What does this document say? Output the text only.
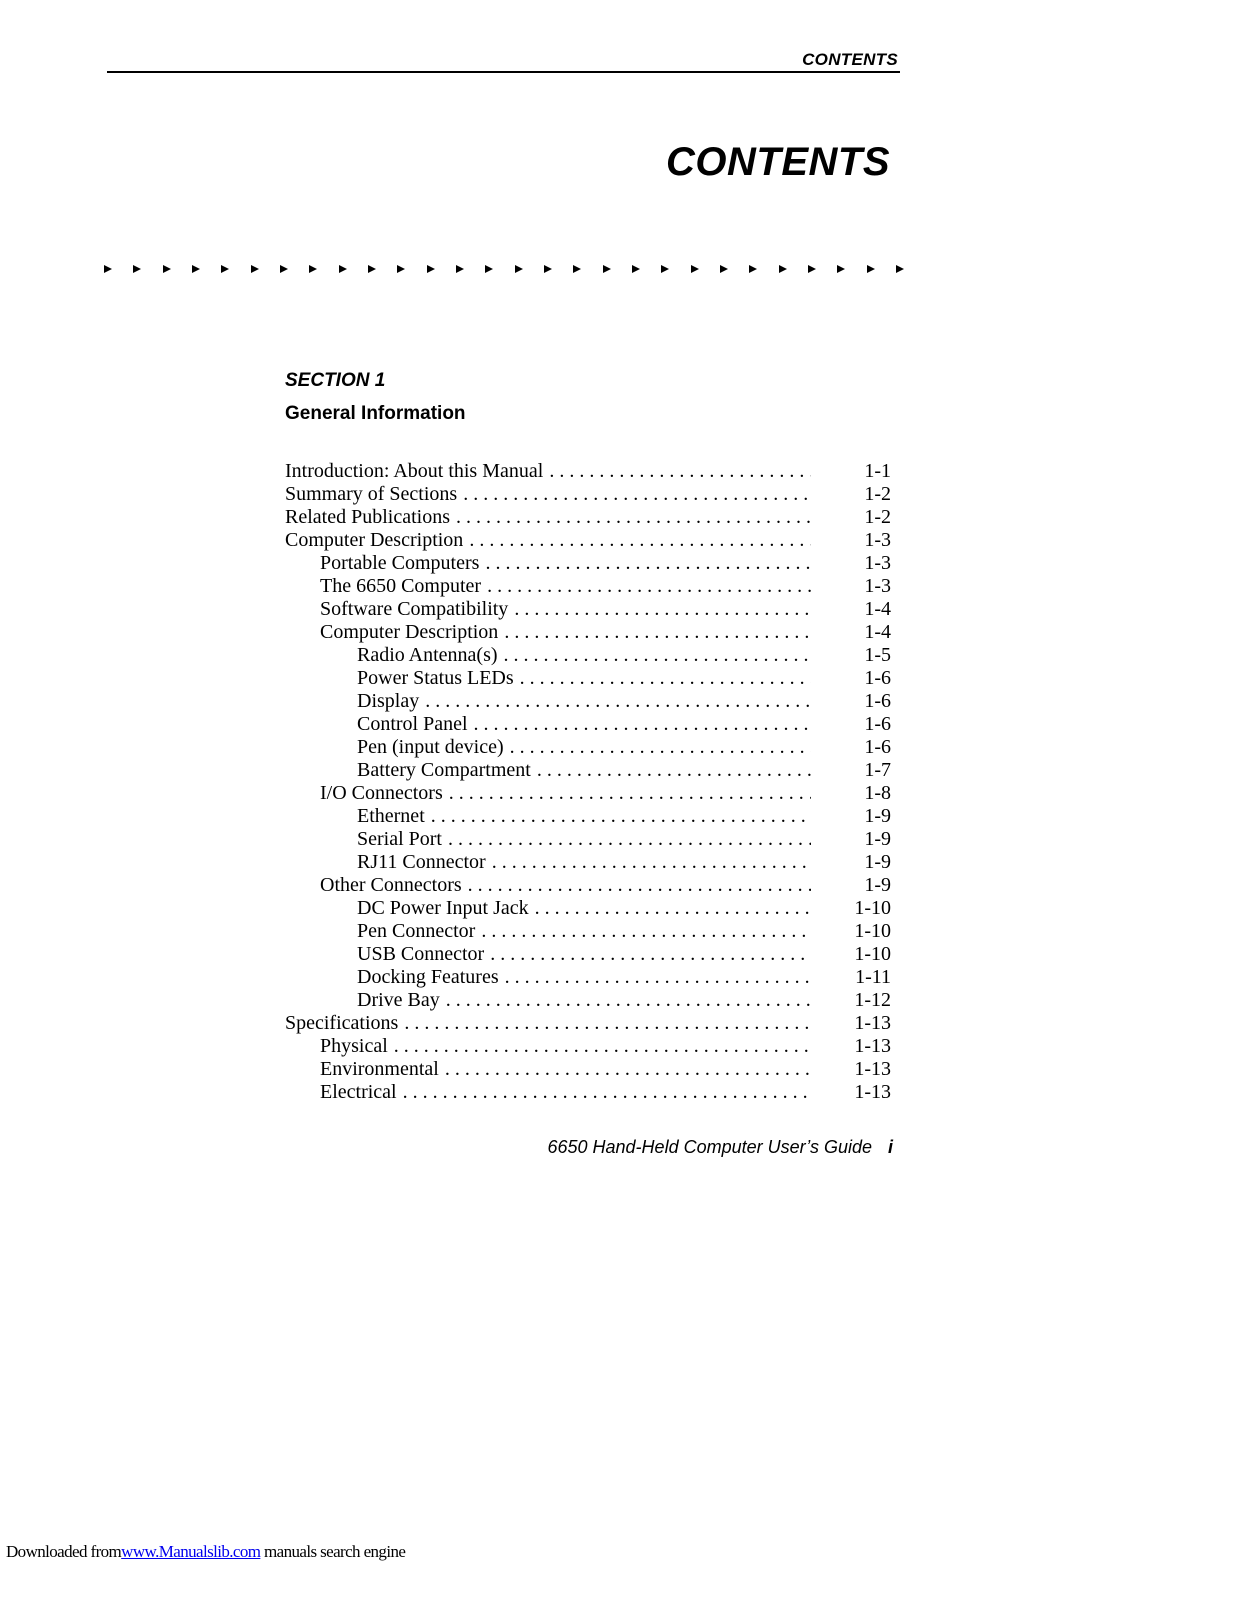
CONTENTS
CONTENTS
SECTION 1
General Information
Introduction: About this Manual . . .	1-1
Summary of Sections . . .	1-2
Related Publications . . .	1-2
Computer Description . . .	1-3
Portable Computers . . .	1-3
The 6650 Computer . . .	1-3
Software Compatibility . . .	1-4
Computer Description . . .	1-4
Radio Antenna(s) . . .	1-5
Power Status LEDs . . .	1-6
Display . . .	1-6
Control Panel . . .	1-6
Pen (input device) . . .	1-6
Battery Compartment . . .	1-7
I/O Connectors . . .	1-8
Ethernet . . .	1-9
Serial Port . . .	1-9
RJ11 Connector . . .	1-9
Other Connectors . . .	1-9
DC Power Input Jack . . .	1-10
Pen Connector . . .	1-10
USB Connector . . .	1-10
Docking Features . . .	1-11
Drive Bay . . .	1-12
Specifications . . .	1-13
Physical . . .	1-13
Environmental . . .	1-13
Electrical . . .	1-13
6650 Hand-Held Computer User’s Guide i
Downloaded fromwww.Manualslib.com manuals search engine
